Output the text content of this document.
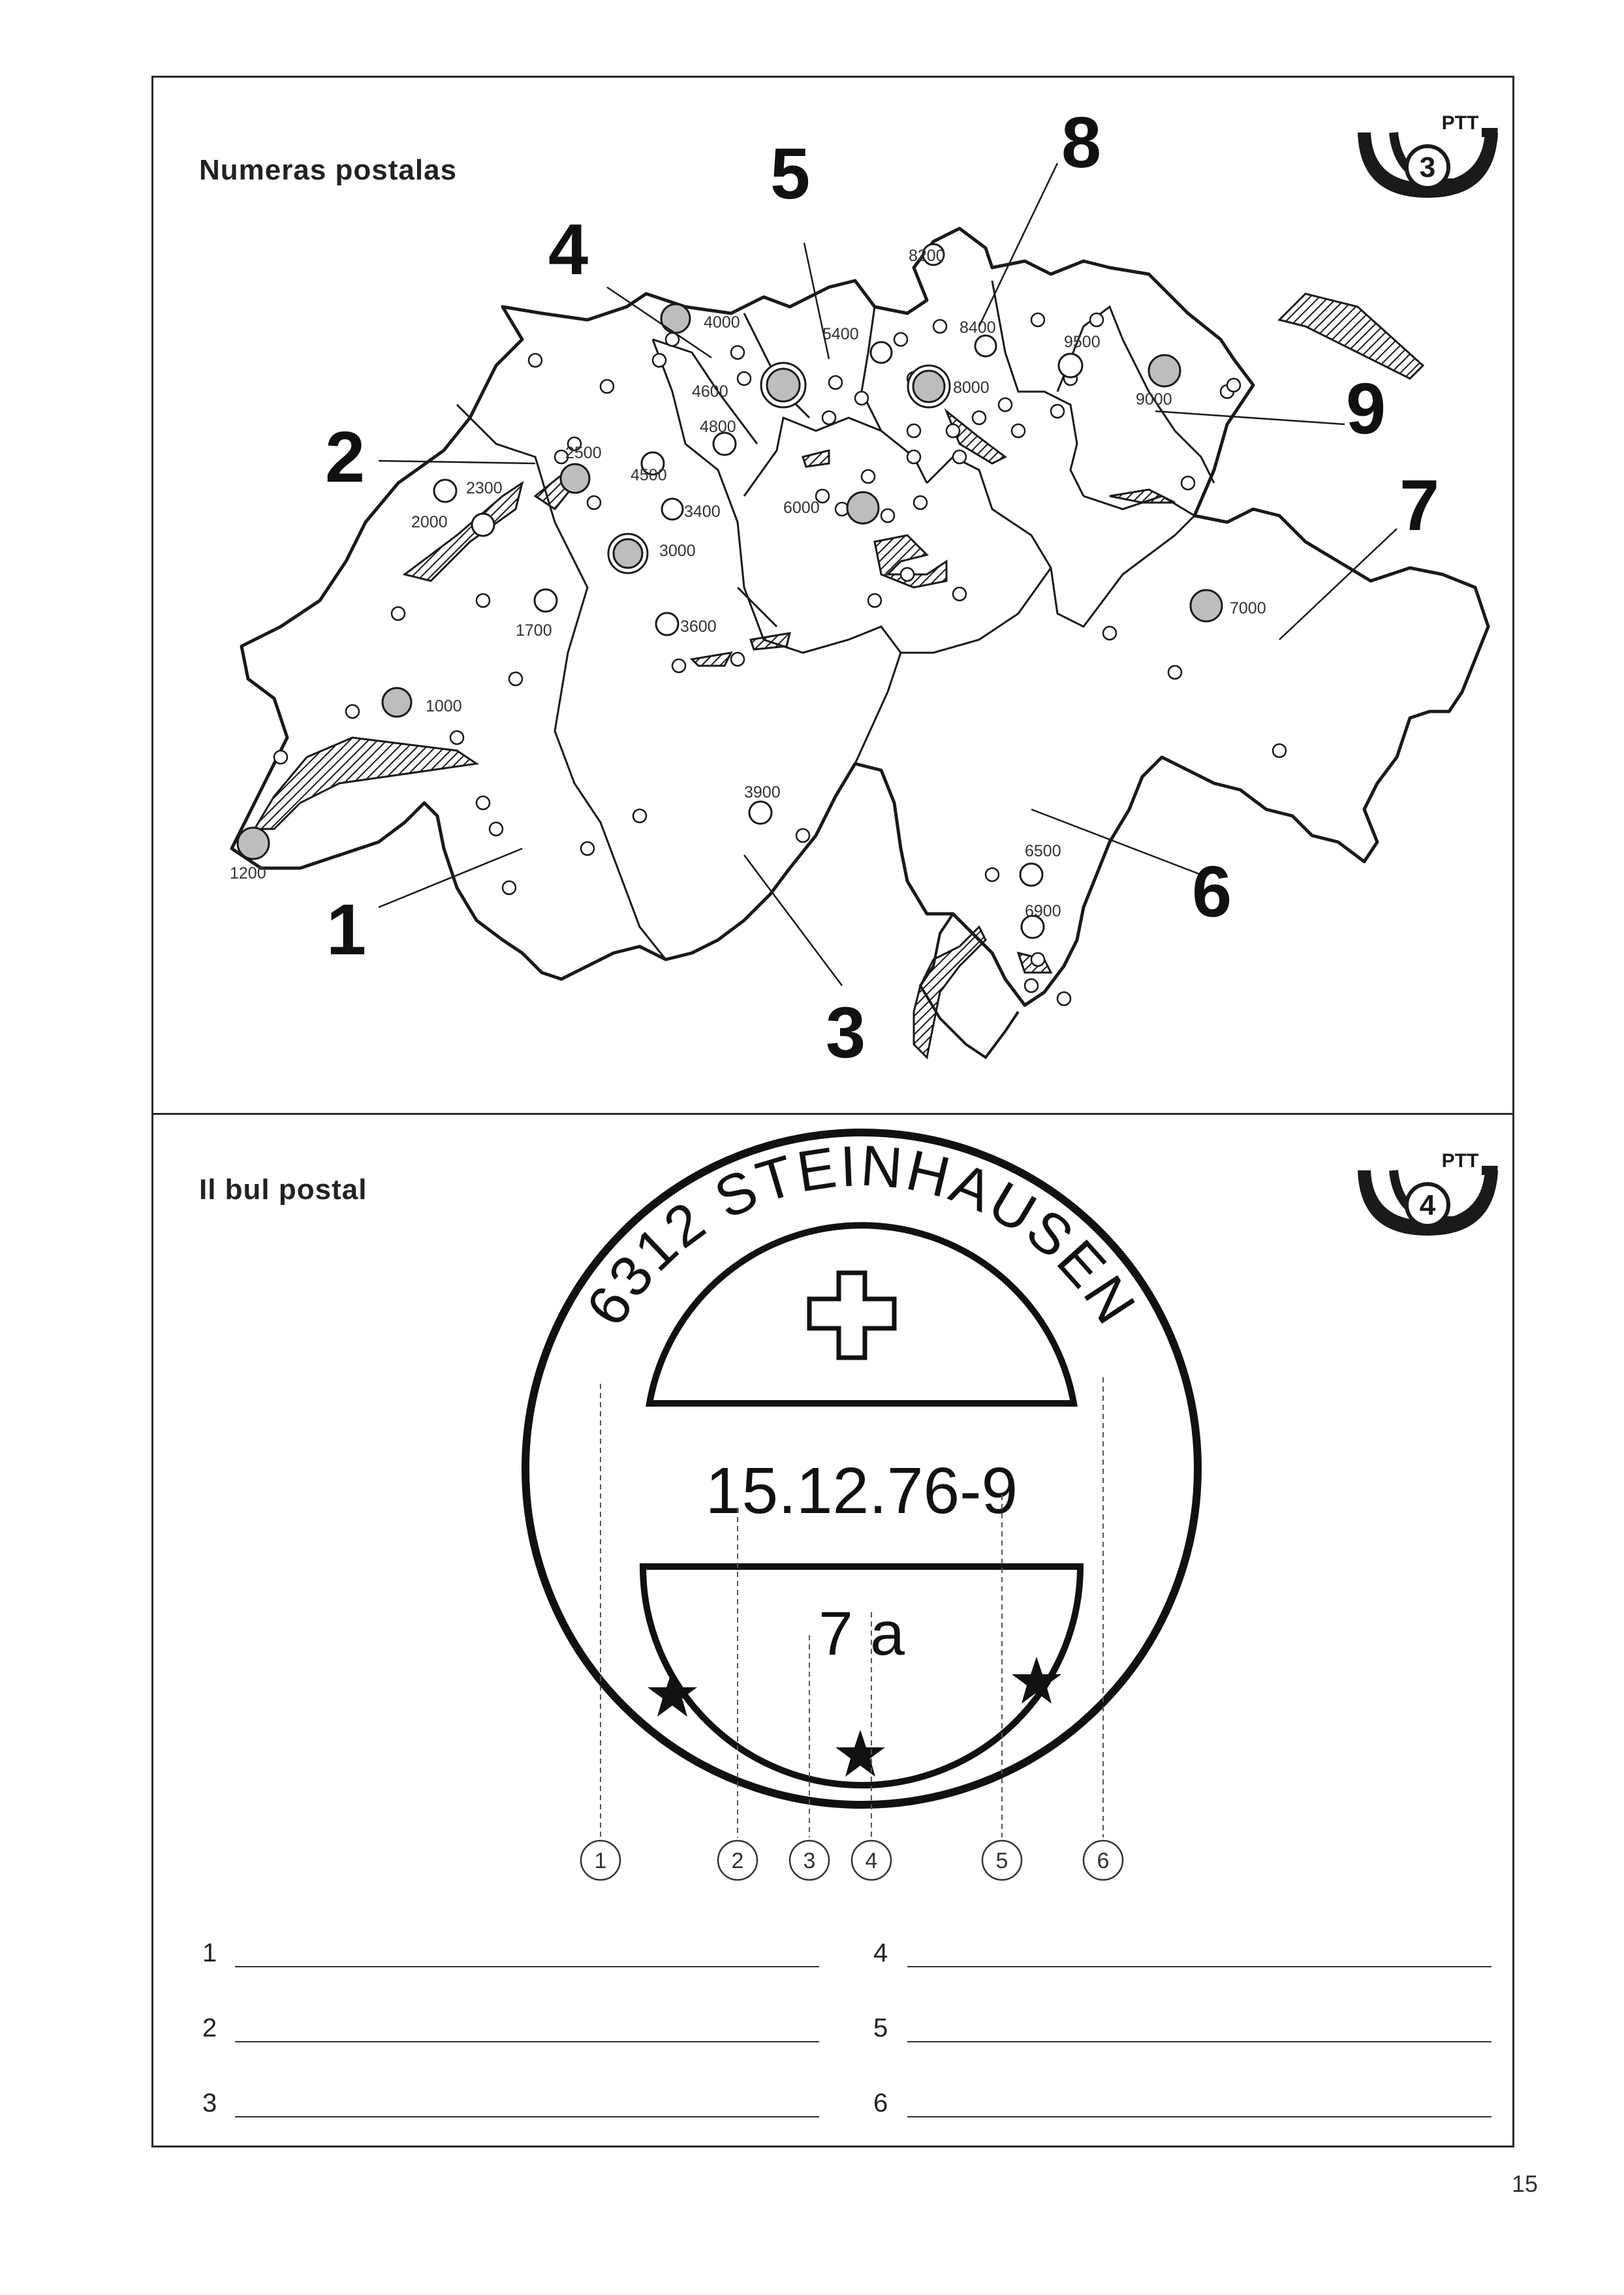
Numeras postalas	3
PTT
4000
4600
5400
8200
8400
9500
8000
9000
4800
2500
4500
2300
2000
3400	6000
3000
1700	3600
7000
1000
3900
6500
6900
1200
1
2
3
4
5
6
7
8
9
Il bul postal	4
PTT
6312 STEINHAUSEN
15.12.76-9
7 a
1	2	3 4	5	6
1
2
3
4
5
6
15
